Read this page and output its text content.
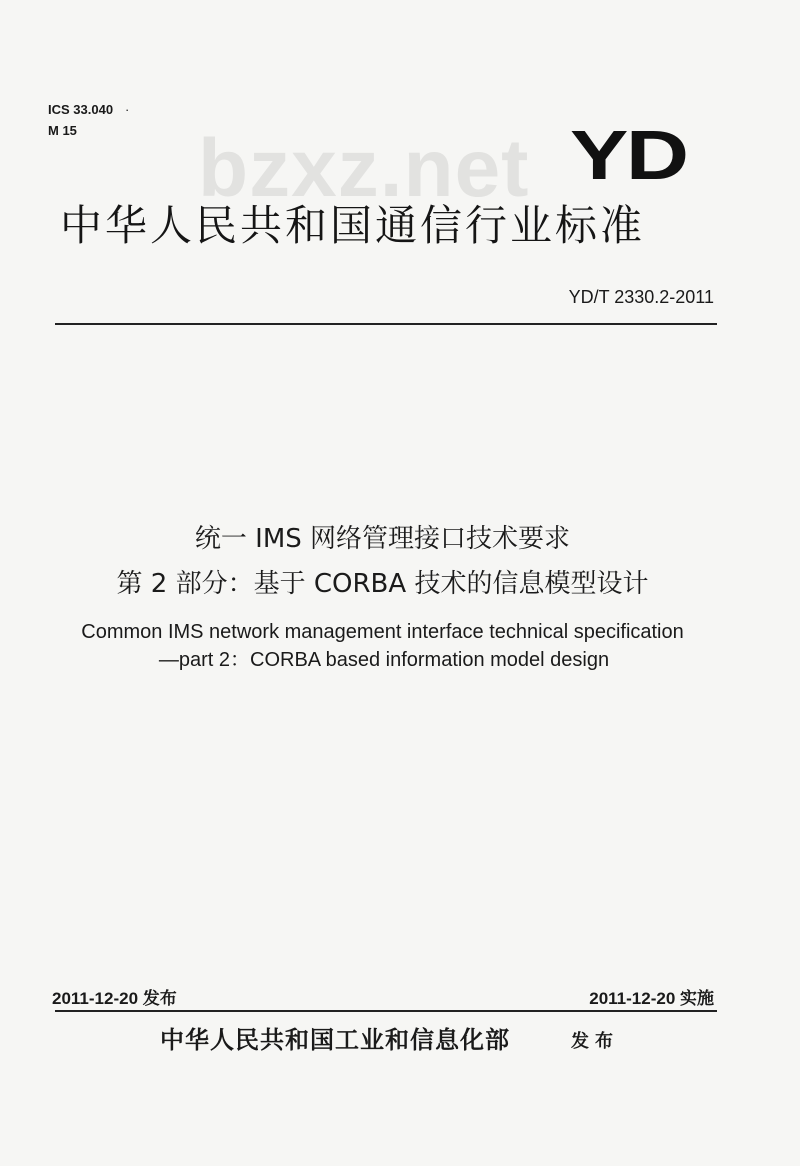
ICS 33.040 ·
M 15	bzxz.net YD
中华人民共和国通信行业标准
YD/T 2330.2-2011
统一 IMS 网络管理接口技术要求
第 2 部分：基于 CORBA 技术的信息模型设计
Common IMS network management interface technical specification
—part 2：CORBA based information model design
2011-12-20 发布	2011-12-20 实施
中华人民共和国工业和信息化部	发布
